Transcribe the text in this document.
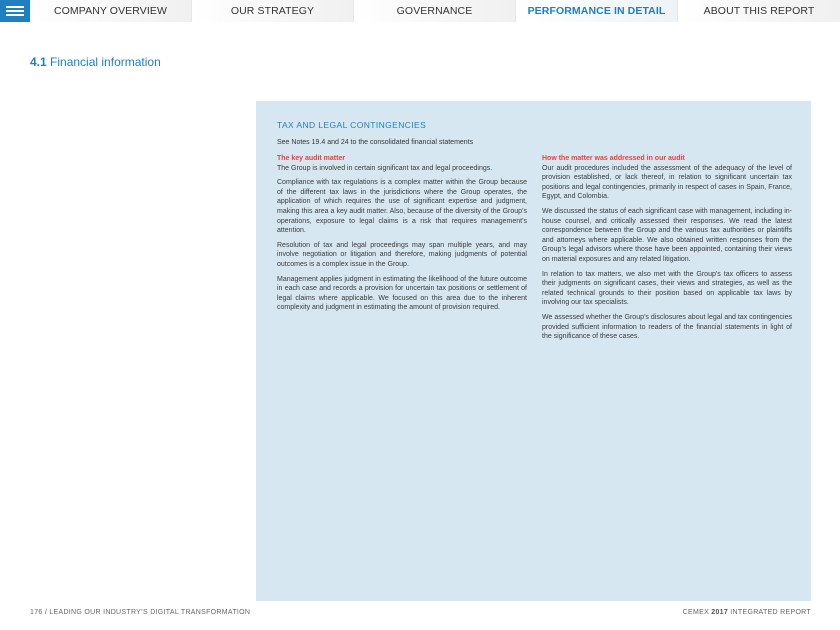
COMPANY OVERVIEW	OUR STRATEGY	GOVERNANCE	PERFORMANCE IN DETAIL	ABOUT THIS REPORT
4.1 Financial information
TAX AND LEGAL CONTINGENCIES
See Notes 19.4 and 24 to the consolidated financial statements
The key audit matter

The Group is involved in certain significant tax and legal proceedings.

Compliance with tax regulations is a complex matter within the Group because of the different tax laws in the jurisdictions where the Group operates, the application of which requires the use of significant expertise and judgment, making this area a key audit matter. Also, because of the diversity of the Group’s operations, exposure to legal claims is a risk that requires management’s attention.

Resolution of tax and legal proceedings may span multiple years, and may involve negotiation or litigation and therefore, making judgments of potential outcomes is a complex issue in the Group.

Management applies judgment in estimating the likelihood of the future outcome in each case and records a provision for uncertain tax positions or settlement of legal claims where applicable. We focused on this area due to the inherent complexity and judgment in estimating the amount of provision required.

How the matter was addressed in our audit

Our audit procedures included the assessment of the adequacy of the level of provision established, or lack thereof, in relation to significant uncertain tax positions and legal contingencies, primarily in respect of cases in Spain, France, Egypt, and Colombia.

We discussed the status of each significant case with management, including in-house counsel, and critically assessed their responses. We read the latest correspondence between the Group and the various tax authorities or plaintiffs and attorneys where applicable. We also obtained written responses from the Group’s legal advisors where those have been appointed, containing their views on material exposures and any related litigation.

In relation to tax matters, we also met with the Group’s tax officers to assess their judgments on significant cases, their views and strategies, as well as the related technical grounds to their position based on applicable tax laws by involving our tax specialists.

We assessed whether the Group’s disclosures about legal and tax contingencies provided sufficient information to readers of the financial statements in light of the significance of these cases.

176 / LEADING OUR INDUSTRY’S DIGITAL TRANSFORMATION	CEMEX 2017 INTEGRATED REPORT
